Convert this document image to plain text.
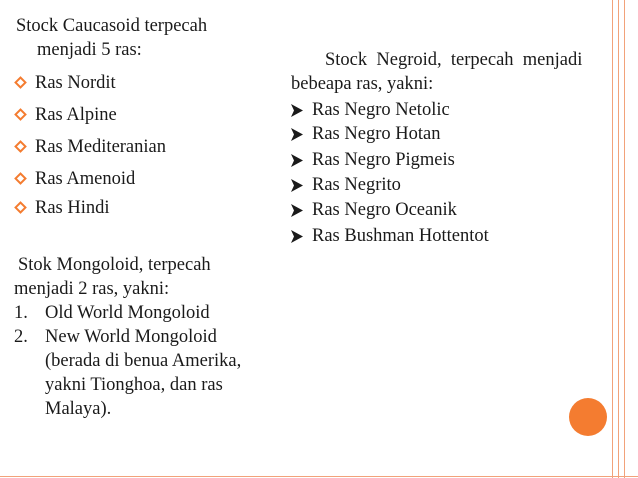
Stock Caucasoid terpecah
menjadi 5 ras:
Ras Nordit
Ras Alpine
Ras Mediteranian
Ras Amenoid
Ras Hindi
Stok Mongoloid, terpecah
menjadi 2 ras, yakni:
1. Old World Mongoloid
2. New World Mongoloid
(berada di benua Amerika,
yakni Tionghoa, dan ras
Malaya).
Stock  Negroid,  terpecah  menjadi
bebeapa ras, yakni:
Ras Negro Netolic
Ras Negro Hotan
Ras Negro Pigmeis
Ras Negrito
Ras Negro Oceanik
Ras Bushman Hottentot
